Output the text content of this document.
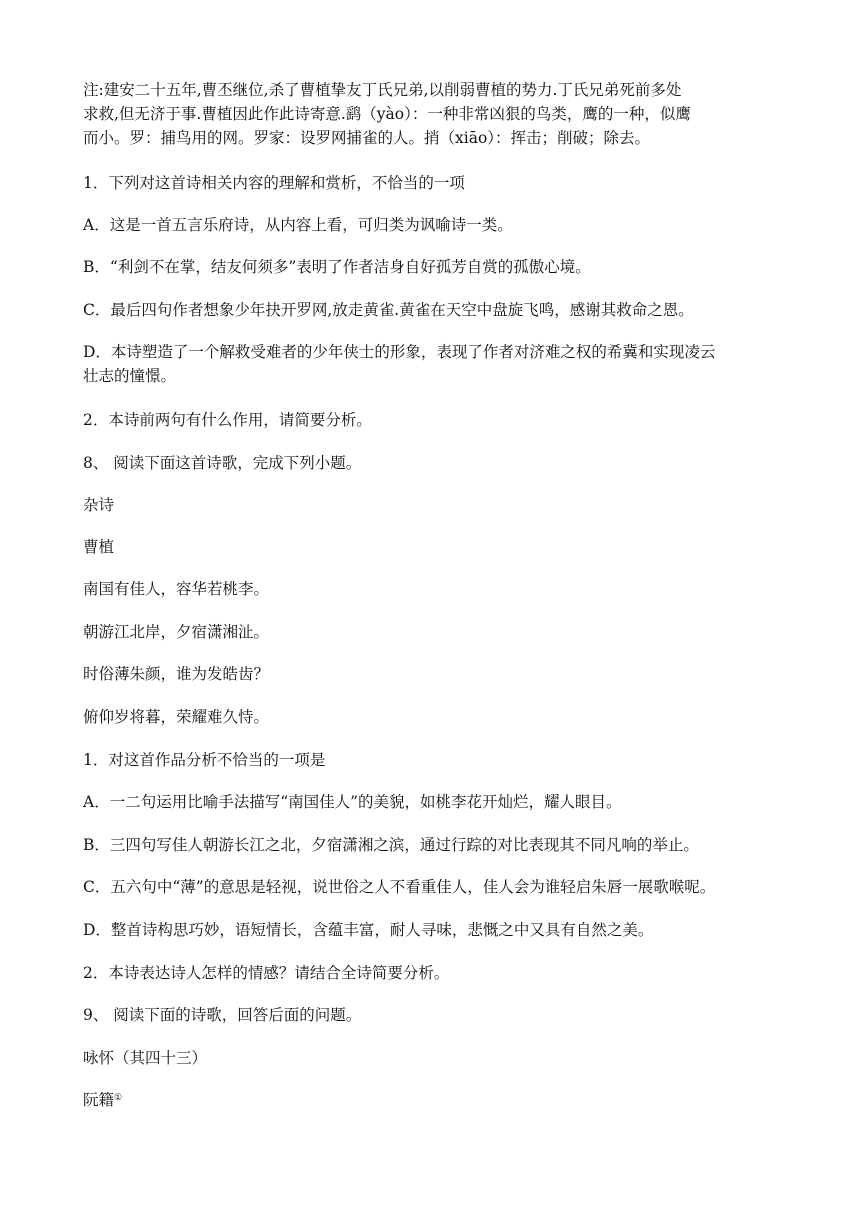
注:建安二十五年,曹丕继位,杀了曹植挚友丁氏兄弟,以削弱曹植的势力.丁氏兄弟死前多处

求救,但无济于事.曹植因此作此诗寄意.鹞（yào）：一种非常凶狠的鸟类，鹰的一种，似鹰

而小。罗：捕鸟用的网。罗家：设罗网捕雀的人。捎（xiāo）：挥击；削破；除去。

1．下列对这首诗相关内容的理解和赏析，不恰当的一项

A．这是一首五言乐府诗，从内容上看，可归类为讽喻诗一类。

B．“利剑不在掌，结友何须多”表明了作者洁身自好孤芳自赏的孤傲心境。

C．最后四句作者想象少年抉开罗网,放走黄雀.黄雀在天空中盘旋飞鸣，感谢其救命之恩。

D．本诗塑造了一个解救受难者的少年侠士的形象，表现了作者对济难之权的希冀和实现凌云

壮志的憧憬。

2．本诗前两句有什么作用，请简要分析。

8、 阅读下面这首诗歌，完成下列小题。

杂诗

曹植

南国有佳人，容华若桃李。

朝游江北岸，夕宿潇湘沚。

时俗薄朱颜，谁为发皓齿？

俯仰岁将暮，荣耀难久恃。

1．对这首作品分析不恰当的一项是

A．一二句运用比喻手法描写“南国佳人”的美貌，如桃李花开灿烂，耀人眼目。

B．三四句写佳人朝游长江之北，夕宿潇湘之滨，通过行踪的对比表现其不同凡响的举止。

C．五六句中“薄”的意思是轻视，说世俗之人不看重佳人，佳人会为谁轻启朱唇一展歌喉呢。

D．整首诗构思巧妙，语短情长，含蕴丰富，耐人寻味，悲慨之中又具有自然之美。

2．本诗表达诗人怎样的情感？请结合全诗简要分析。

9、 阅读下面的诗歌，回答后面的问题。

咏怀（其四十三）

阮籍①
